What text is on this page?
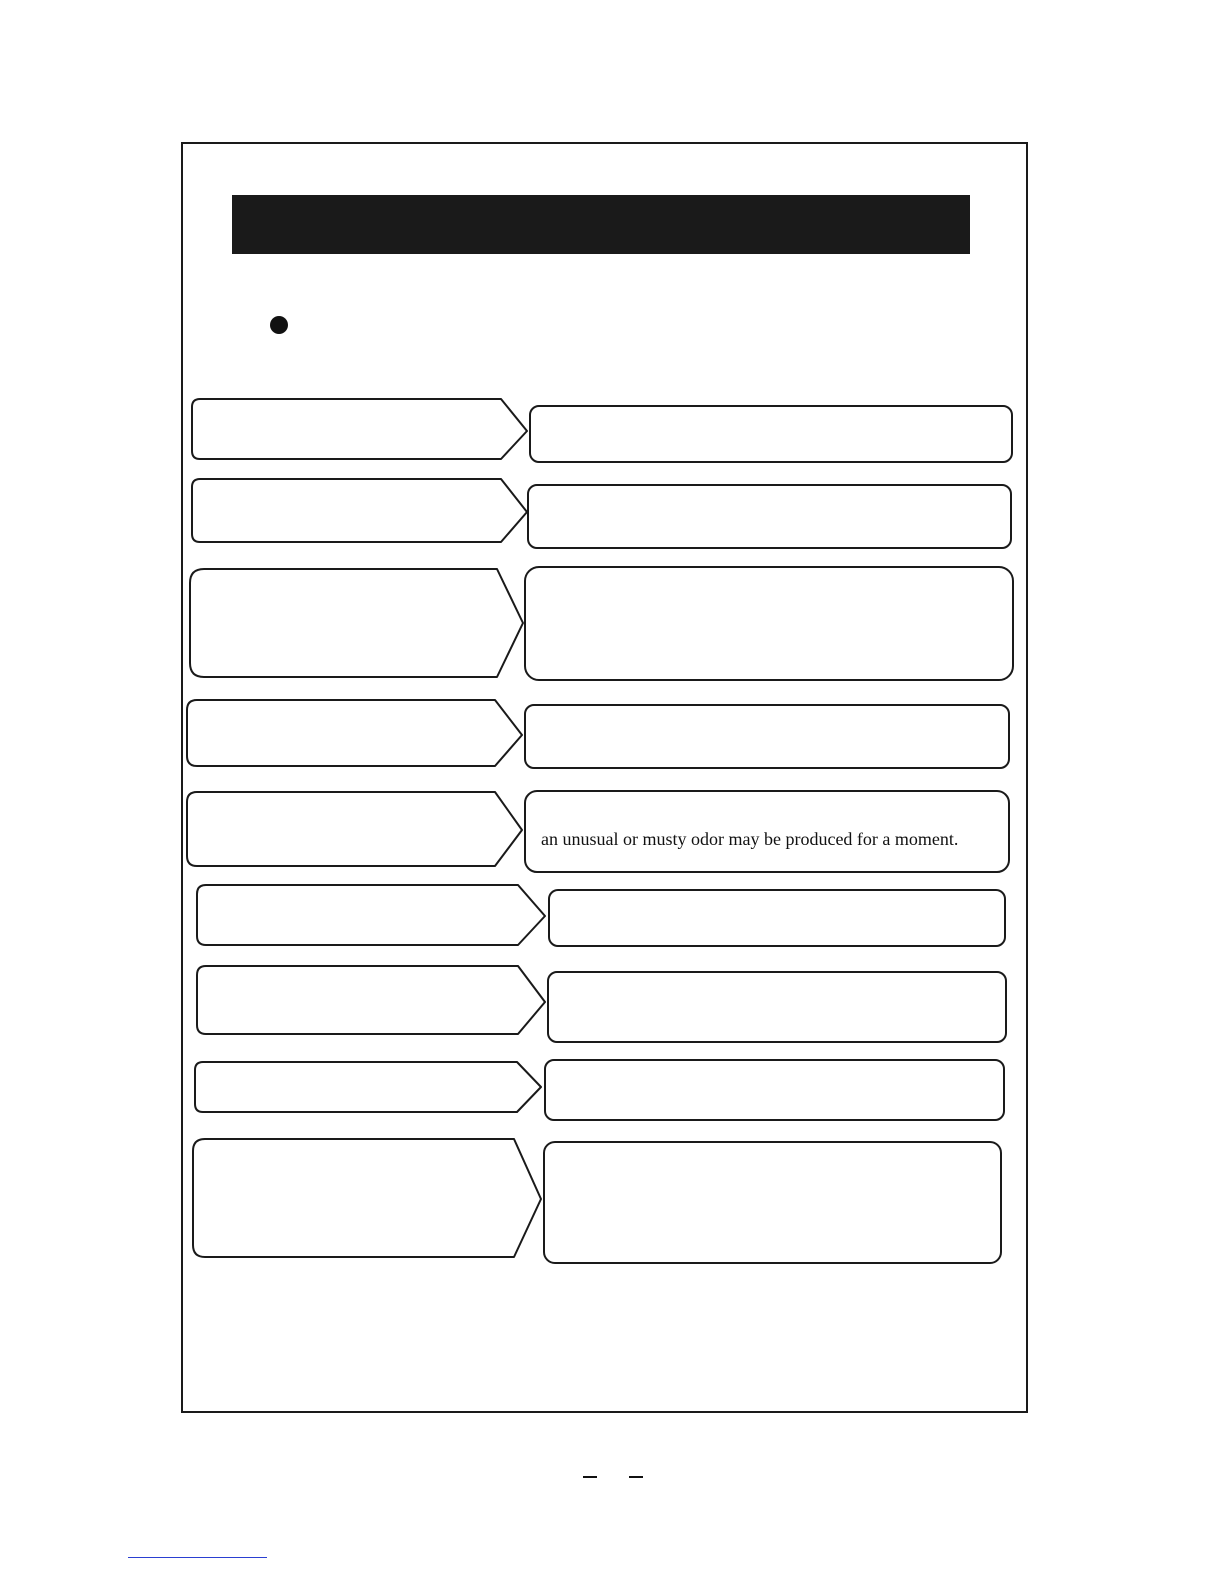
an unusual or musty odor may be produced for a moment.
